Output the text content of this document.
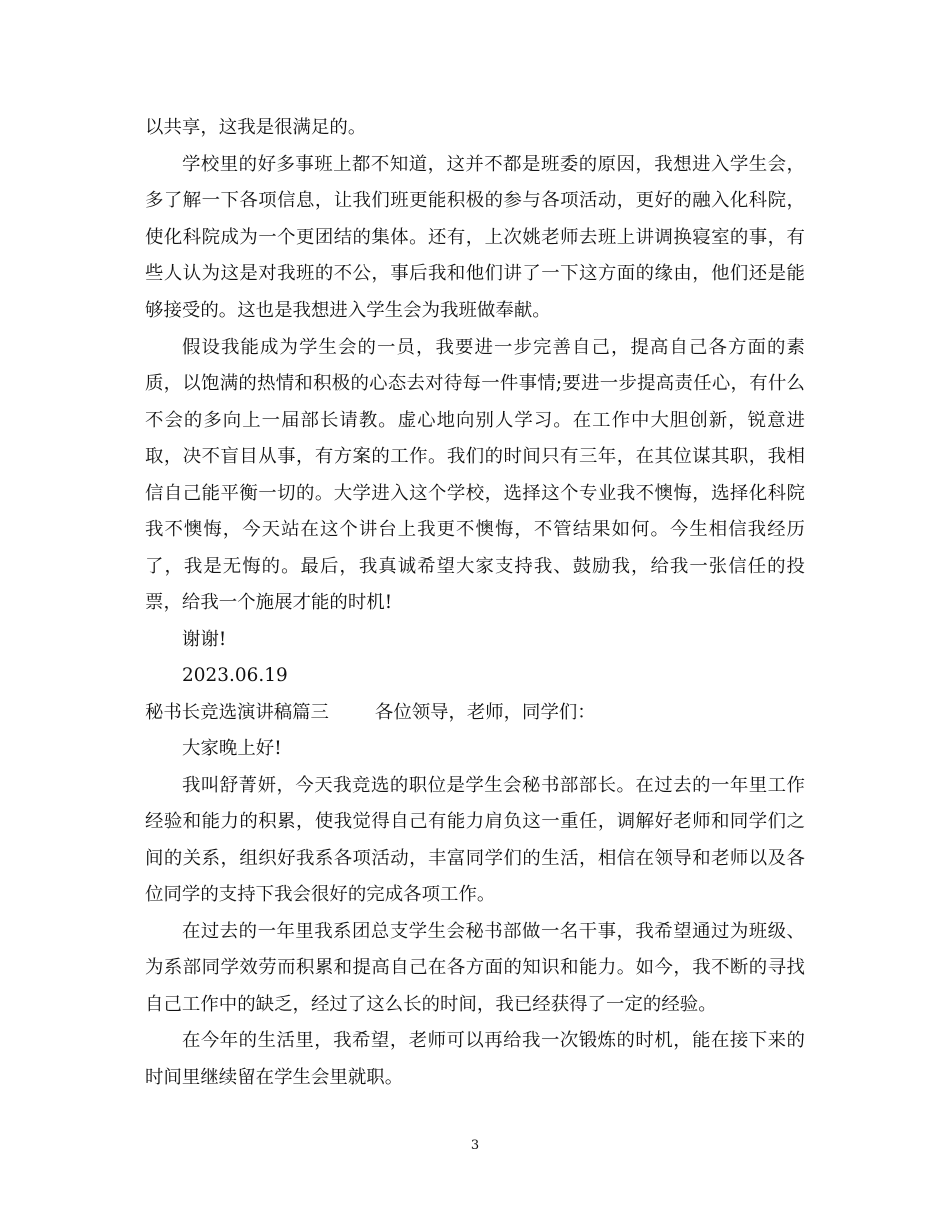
以共享，这我是很满足的。
学校里的好多事班上都不知道，这并不都是班委的原因，我想进入学生会，
多了解一下各项信息，让我们班更能积极的参与各项活动，更好的融入化科院，
使化科院成为一个更团结的集体。还有，上次姚老师去班上讲调换寝室的事，有
些人认为这是对我班的不公，事后我和他们讲了一下这方面的缘由，他们还是能
够接受的。这也是我想进入学生会为我班做奉献。
假设我能成为学生会的一员，我要进一步完善自己，提高自己各方面的素
质，以饱满的热情和积极的心态去对待每一件事情;要进一步提高责任心，有什么
不会的多向上一届部长请教。虚心地向别人学习。在工作中大胆创新，锐意进
取，决不盲目从事，有方案的工作。我们的时间只有三年，在其位谋其职，我相
信自己能平衡一切的。大学进入这个学校，选择这个专业我不懊悔，选择化科院
我不懊悔，今天站在这个讲台上我更不懊悔，不管结果如何。今生相信我经历
了，我是无悔的。最后，我真诚希望大家支持我、鼓励我，给我一张信任的投
票，给我一个施展才能的时机!
谢谢!
2023.06.19
秘书长竞选演讲稿篇三	各位领导，老师，同学们：
大家晚上好!
我叫舒菁妍，今天我竞选的职位是学生会秘书部部长。在过去的一年里工作
经验和能力的积累，使我觉得自己有能力肩负这一重任，调解好老师和同学们之
间的关系，组织好我系各项活动，丰富同学们的生活，相信在领导和老师以及各
位同学的支持下我会很好的完成各项工作。
在过去的一年里我系团总支学生会秘书部做一名干事，我希望通过为班级、
为系部同学效劳而积累和提高自己在各方面的知识和能力。如今，我不断的寻找
自己工作中的缺乏，经过了这么长的时间，我已经获得了一定的经验。
在今年的生活里，我希望，老师可以再给我一次锻炼的时机，能在接下来的
时间里继续留在学生会里就职。
3
